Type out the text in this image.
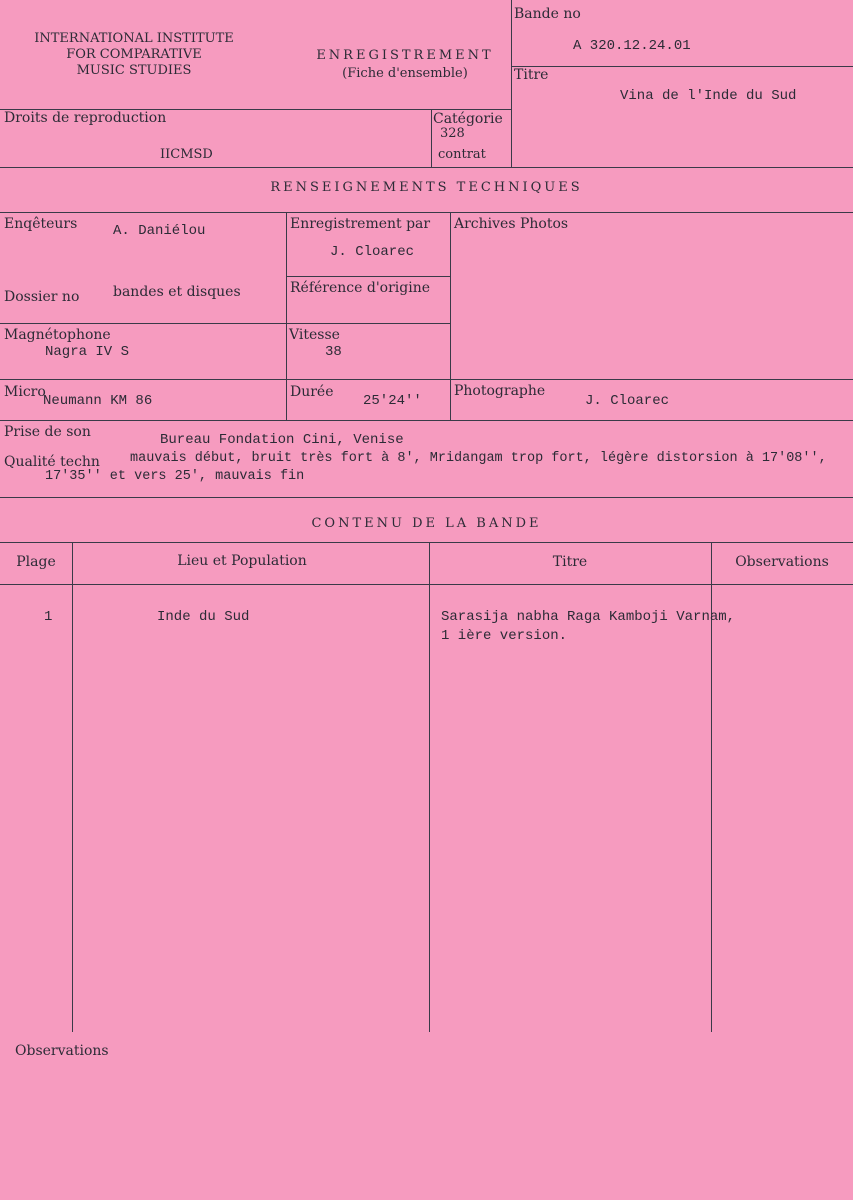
INTERNATIONAL INSTITUTE
FOR COMPARATIVE
MUSIC STUDIES
ENREGISTREMENT
(Fiche d'ensemble)
Bande no
A 320.12.24.01
Titre
Vina de l'Inde du Sud
Droits de reproduction
IICMSD
Catégorie
328
contrat
RENSEIGNEMENTS TECHNIQUES
Enqêteurs	A. Daniélou	Enregistrement par
J. Cloarec
Archives Photos
Dossier no bandes et disques	Référence d'origine
Magnétophone
Nagra IV S
Vitesse
38
Micro
Neumann KM 86
Durée
25'24''
Photographe
J. Cloarec
Prise de son	Bureau Fondation Cini, Venise
Qualité techn mauvais début, bruit très fort à 8', Mridangam trop fort, légère distorsion à 17'08'',
17'35'' et vers 25', mauvais fin
CONTENU DE LA BANDE
Plage	Lieu et Population	Titre	Observations
1	Inde du Sud	Sarasija nabha Raga Kamboji Varnam,
1 ière version.
Observations
